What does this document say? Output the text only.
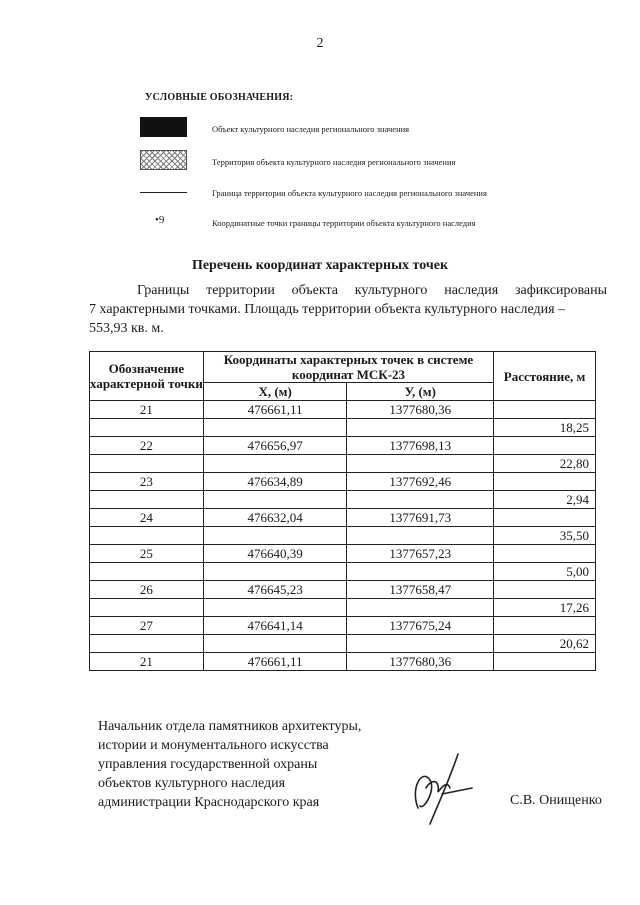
2
УСЛОВНЫЕ ОБОЗНАЧЕНИЯ:
Объект культурного наследия регионального значения
Территория объекта культурного наследия регионального значения
Граница территории объекта культурного наследия регионального значения
•9	Координатные точки границы территории объекта культурного наследия
Перечень координат характерных точек
Границы территории объекта культурного наследия зафиксированы
7 характерными точками. Площадь территории объекта культурного наследия –
553,93 кв. м.
Обозначение характерной точки	Координаты характерных точек в системе координат МСК-23		Расстояние, м
	X, (м)	У, (м)	
21	476661,11	1377680,36	
			18,25
22	476656,97	1377698,13	
			22,80
23	476634,89	1377692,46	
			2,94
24	476632,04	1377691,73	
			35,50
25	476640,39	1377657,23	
			5,00
26	476645,23	1377658,47	
			17,26
27	476641,14	1377675,24	
			20,62
21	476661,11	1377680,36	
Начальник отдела памятников архитектуры,
истории и монументального искусства
управления государственной охраны
объектов культурного наследия
администрации Краснодарского края	С.В. Онищенко
